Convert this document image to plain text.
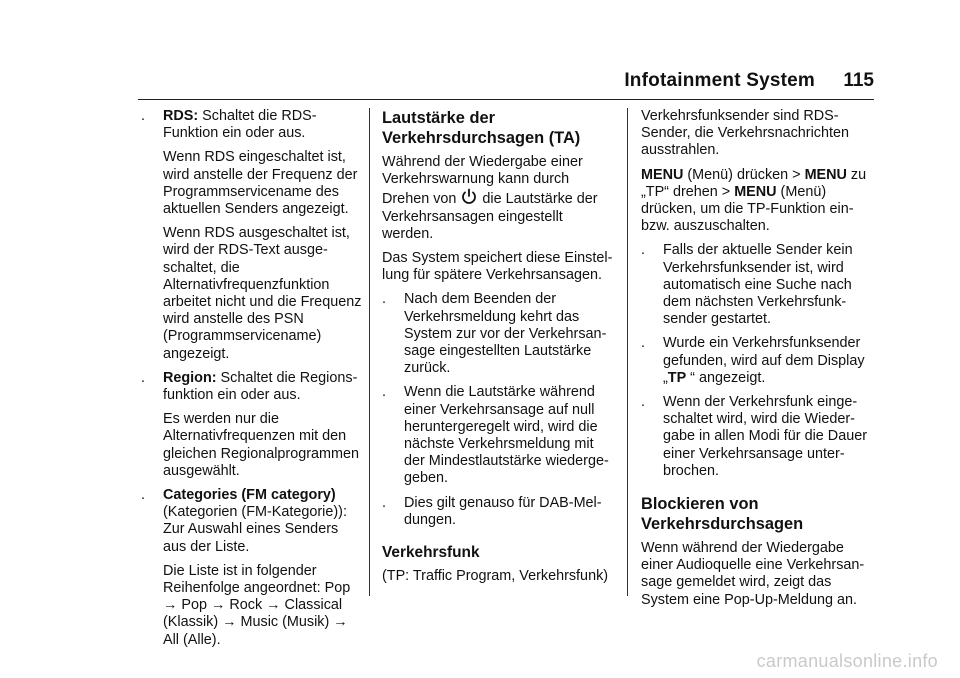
Infotainment System 115
. RDS: Schaltet die RDS-Funktion ein oder aus.

Wenn RDS eingeschaltet ist, wird anstelle der Frequenz der Programmservicename des aktuellen Senders angezeigt.

Wenn RDS ausgeschaltet ist, wird der RDS-Text ausgeschaltet, die Alternativfrequenzfunktion arbeitet nicht und die Frequenz wird anstelle des PSN (Programmservicename) angezeigt.

. Region: Schaltet die Regionsfunktion ein oder aus.

Es werden nur die Alternativfrequenzen mit den gleichen Regionalprogrammen ausgewählt.

. Categories (FM category)
(Kategorien (FM-Kategorie)): Zur Auswahl eines Senders aus der Liste.

Die Liste ist in folgender Reihenfolge angeordnet: Pop → Pop → Rock → Classical (Klassik) → Music (Musik) → All (Alle).

Lautstärke der Verkehrsdurchsagen (TA)

Während der Wiedergabe einer Verkehrswarnung kann durch Drehen von die Lautstärke der Verkehrsansagen eingestellt werden.

Das System speichert diese Einstellung für spätere Verkehrsansagen.

. Nach dem Beenden der Verkehrsmeldung kehrt das System zur vor der Verkehrsansage eingestellten Lautstärke zurück.

. Wenn die Lautstärke während einer Verkehrsansage auf null heruntergeregelt wird, wird die nächste Verkehrsmeldung mit der Mindestlautstärke wiedergegeben.

. Dies gilt genauso für DAB-Meldungen.

Verkehrsfunk

(TP: Traffic Program, Verkehrsfunk)

Verkehrsfunksender sind RDS-Sender, die Verkehrsnachrichten ausstrahlen.

MENU (Menü) drücken > MENU zu „TP“ drehen > MENU (Menü) drücken, um die TP-Funktion ein- bzw. auszuschalten.

. Falls der aktuelle Sender kein Verkehrsfunksender ist, wird automatisch eine Suche nach dem nächsten Verkehrsfunksender gestartet.

. Wurde ein Verkehrsfunksender gefunden, wird auf dem Display „TP “ angezeigt.

. Wenn der Verkehrsfunk eingeschaltet wird, wird die Wiedergabe in allen Modi für die Dauer einer Verkehrsansage unterbrochen.

Blockieren von Verkehrsdurchsagen

Wenn während der Wiedergabe einer Audioquelle eine Verkehrsansage gemeldet wird, zeigt das System eine Pop-Up-Meldung an.

carmanualsonline.info
